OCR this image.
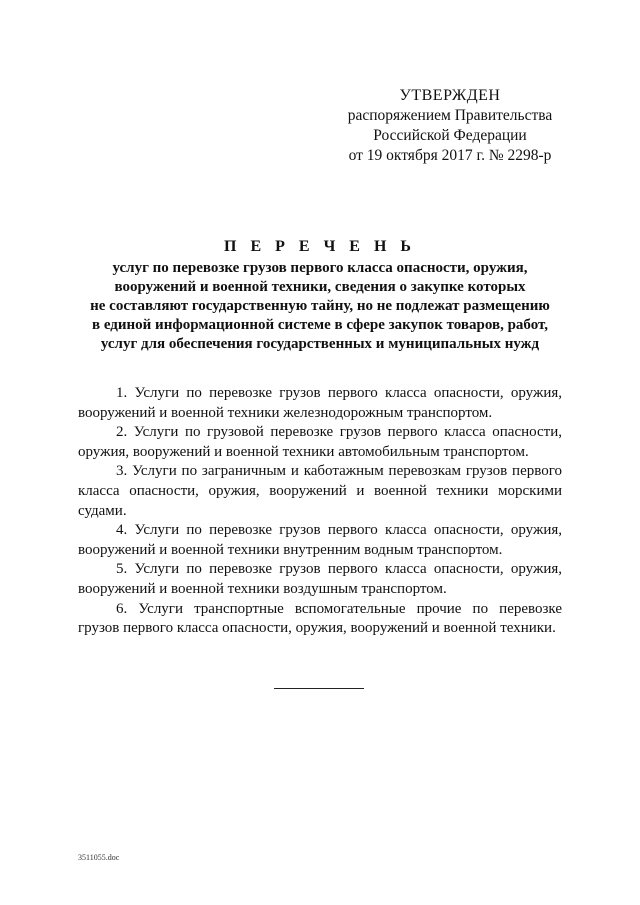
УТВЕРЖДЕН
распоряжением Правительства
Российской Федерации
от 19 октября 2017 г. № 2298-р
П Е Р Е Ч Е Н Ь
услуг по перевозке грузов первого класса опасности, оружия,
вооружений и военной техники, сведения о закупке которых
не составляют государственную тайну, но не подлежат размещению
в единой информационной системе в сфере закупок товаров, работ,
услуг для обеспечения государственных и муниципальных нужд

1. Услуги по перевозке грузов первого класса опасности, оружия, вооружений и военной техники железнодорожным транспортом.

2. Услуги по грузовой перевозке грузов первого класса опасности, оружия, вооружений и военной техники автомобильным транспортом.

3. Услуги по заграничным и каботажным перевозкам грузов первого класса опасности, оружия, вооружений и военной техники морскими судами.

4. Услуги по перевозке грузов первого класса опасности, оружия, вооружений и военной техники внутренним водным транспортом.

5. Услуги по перевозке грузов первого класса опасности, оружия, вооружений и военной техники воздушным транспортом.

6. Услуги транспортные вспомогательные прочие по перевозке грузов первого класса опасности, оружия, вооружений и военной техники.

3511055.doc
